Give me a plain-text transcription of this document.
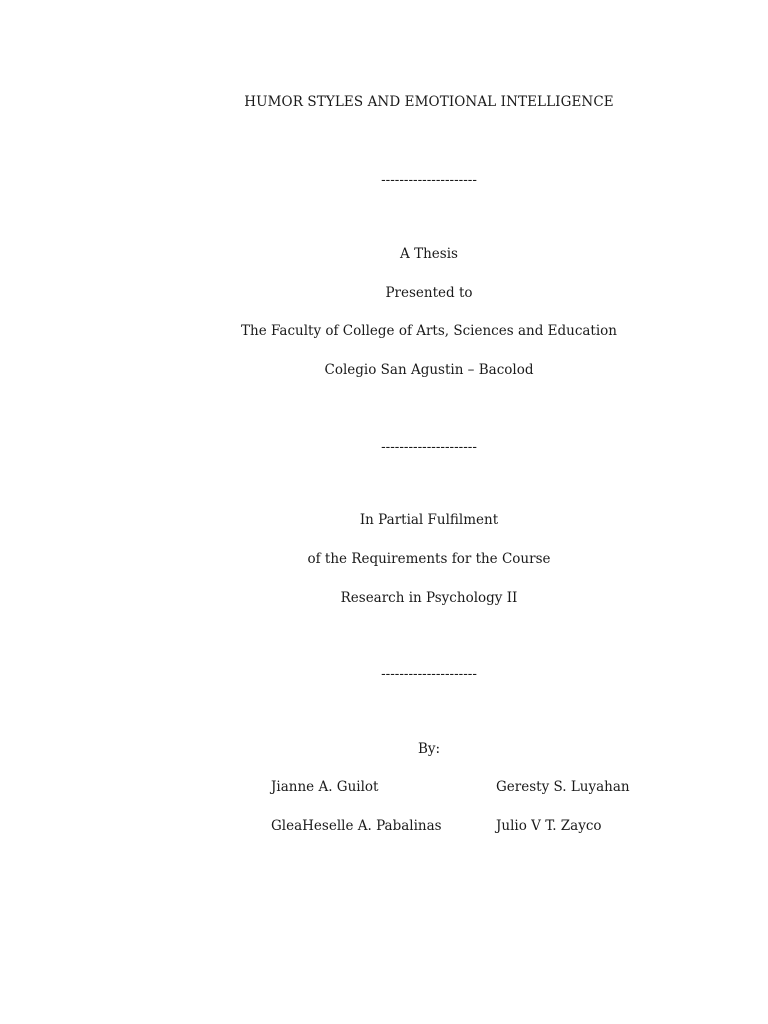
HUMOR STYLES AND EMOTIONAL INTELLIGENCE
---------------------
A Thesis
Presented to
The Faculty of College of Arts, Sciences and Education
Colegio San Agustin – Bacolod
---------------------
In Partial Fulfilment
of the Requirements for the Course
Research in Psychology II
---------------------
By:
Jianne A. Guilot	Geresty S. Luyahan
GleaHeselle A. Pabalinas	Julio V T. Zayco
